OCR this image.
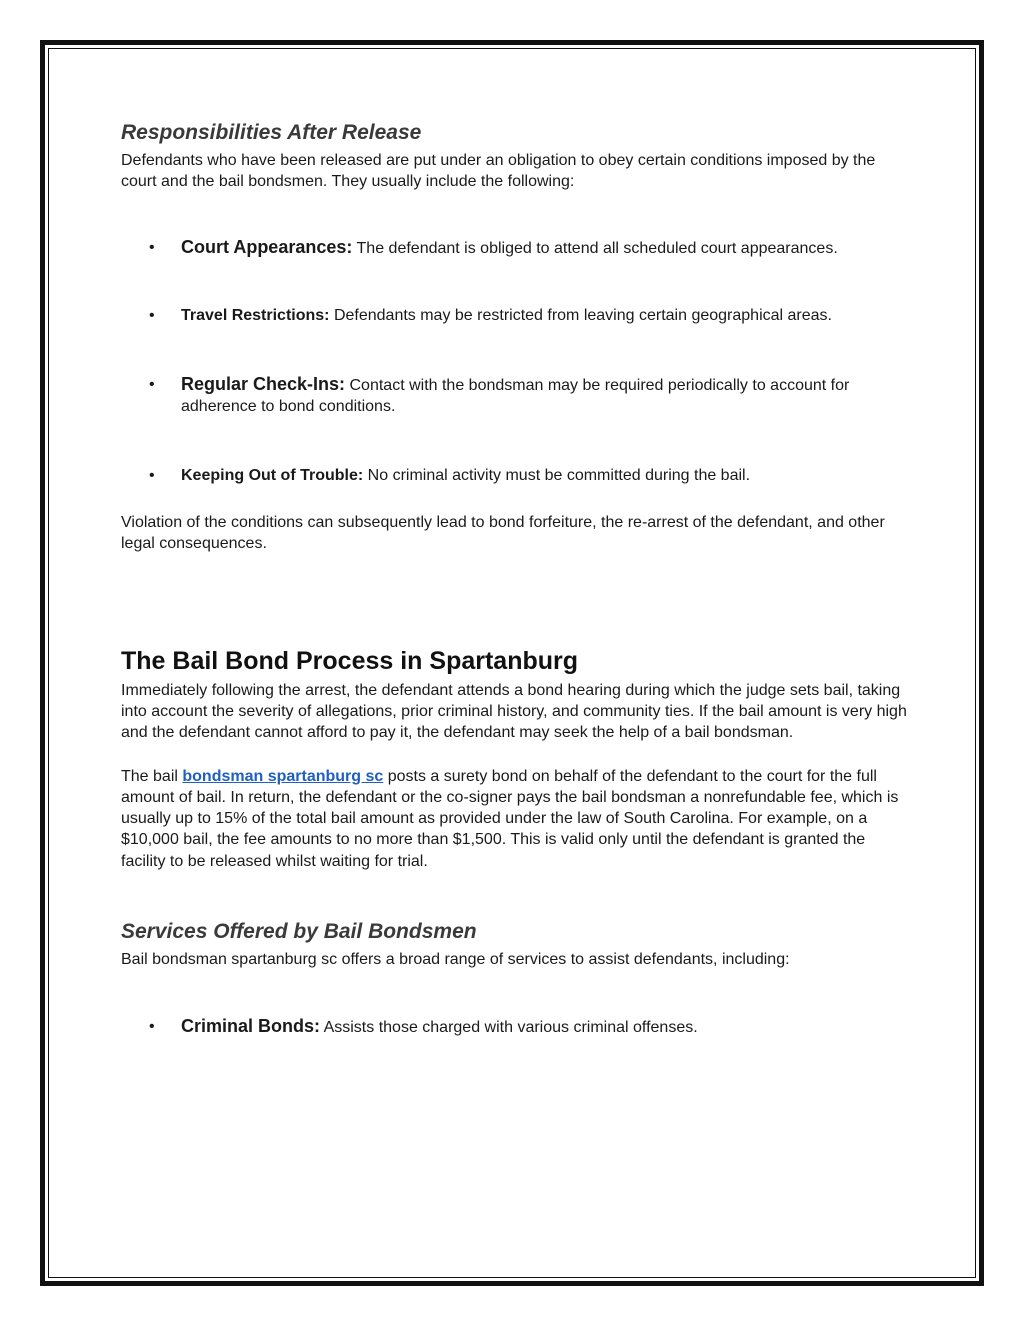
Responsibilities After Release

Defendants who have been released are put under an obligation to obey certain conditions imposed by the court and the bail bondsmen. They usually include the following:

• Court Appearances: The defendant is obliged to attend all scheduled court appearances.
• Travel Restrictions: Defendants may be restricted from leaving certain geographical areas.
• Regular Check-Ins: Contact with the bondsman may be required periodically to account for adherence to bond conditions.
• Keeping Out of Trouble: No criminal activity must be committed during the bail.

Violation of the conditions can subsequently lead to bond forfeiture, the re-arrest of the defendant, and other legal consequences.

The Bail Bond Process in Spartanburg

Immediately following the arrest, the defendant attends a bond hearing during which the judge sets bail, taking into account the severity of allegations, prior criminal history, and community ties. If the bail amount is very high and the defendant cannot afford to pay it, the defendant may seek the help of a bail bondsman.

The bail bondsman spartanburg sc posts a surety bond on behalf of the defendant to the court for the full amount of bail. In return, the defendant or the co-signer pays the bail bondsman a nonrefundable fee, which is usually up to 15% of the total bail amount as provided under the law of South Carolina. For example, on a $10,000 bail, the fee amounts to no more than $1,500. This is valid only until the defendant is granted the facility to be released whilst waiting for trial.

Services Offered by Bail Bondsmen

Bail bondsman spartanburg sc offers a broad range of services to assist defendants, including:

• Criminal Bonds: Assists those charged with various criminal offenses.
